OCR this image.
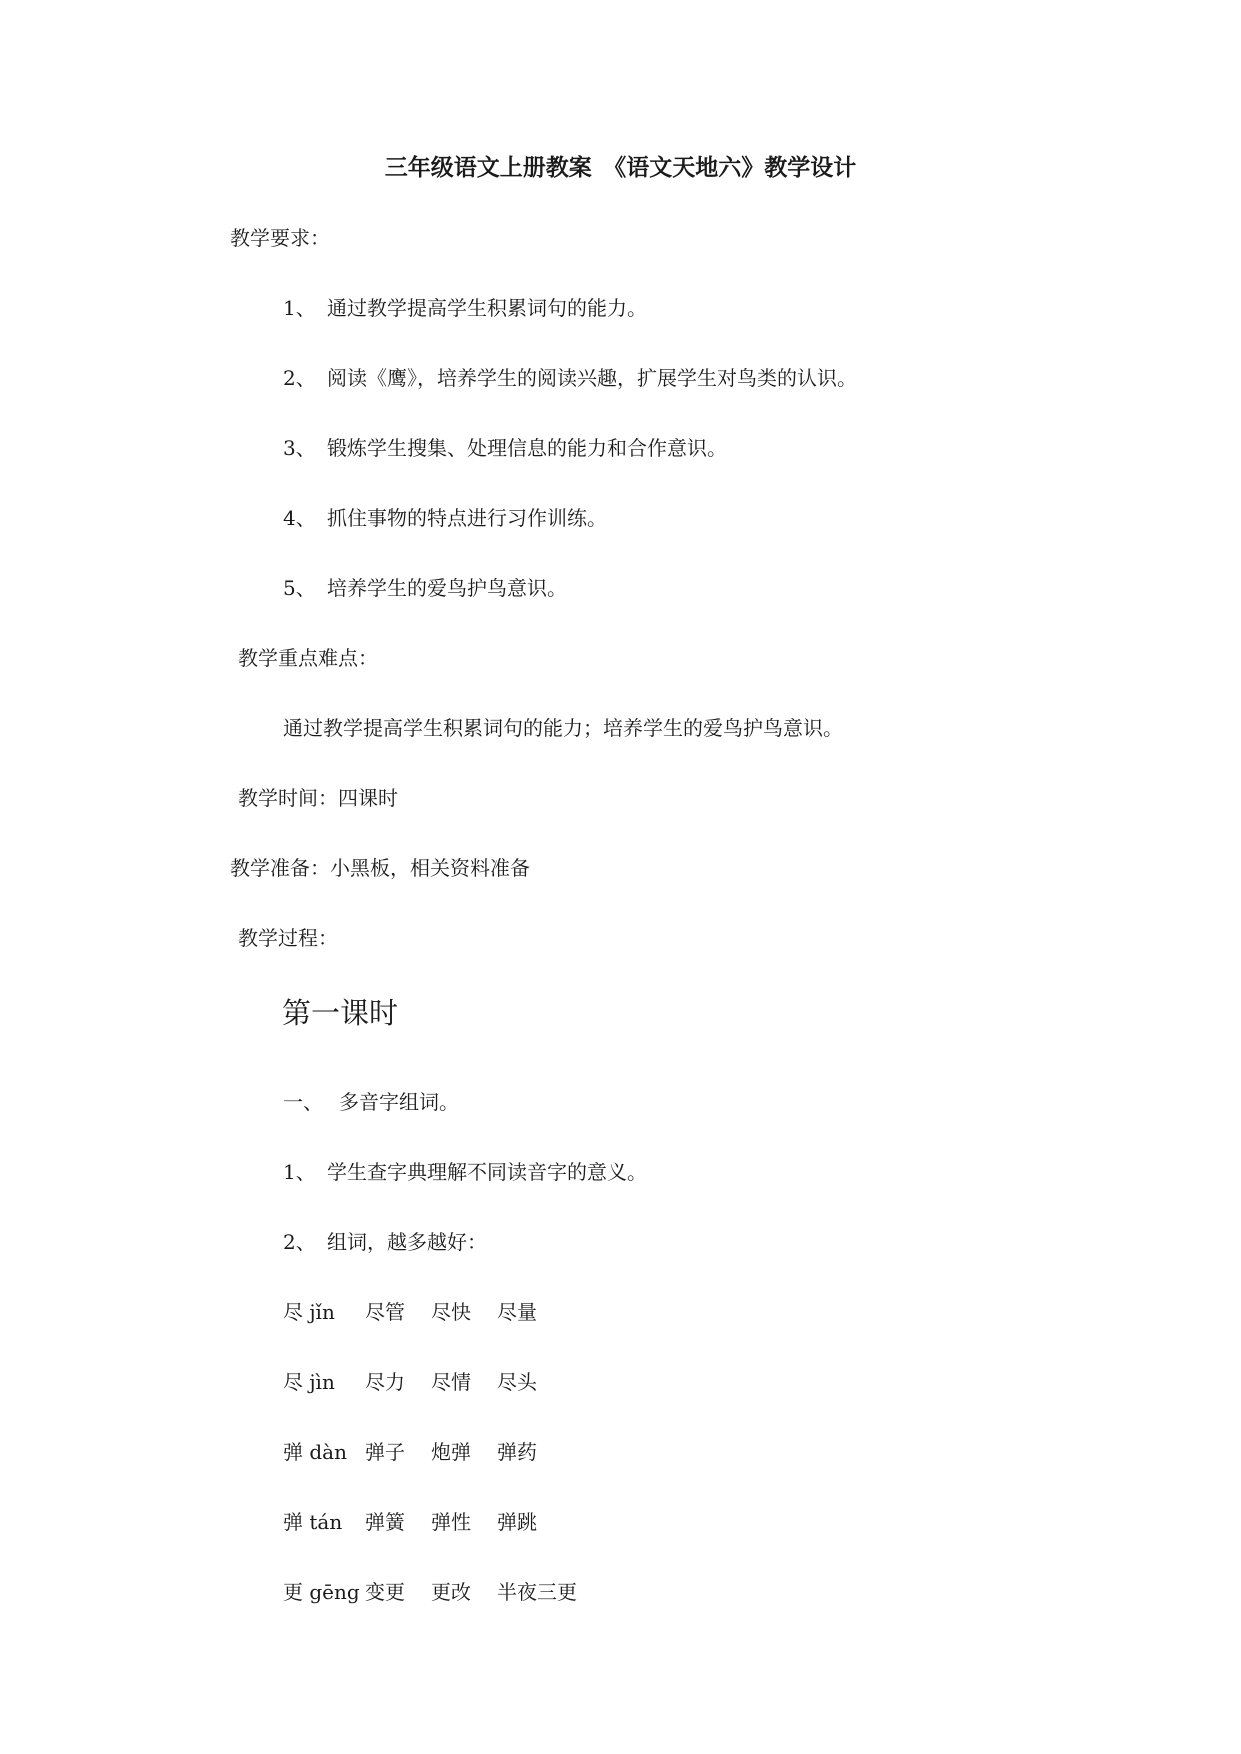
三年级语文上册教案　《语文天地六》教学设计
教学要求：
1、 通过教学提高学生积累词句的能力。
2、 阅读《鹰》，培养学生的阅读兴趣，扩展学生对鸟类的认识。
3、 锻炼学生搜集、处理信息的能力和合作意识。
4、 抓住事物的特点进行习作训练。
5、 培养学生的爱鸟护鸟意识。
教学重点难点：
通过教学提高学生积累词句的能力；培养学生的爱鸟护鸟意识。
教学时间：四课时
教学准备：小黑板，相关资料准备
教学过程：
第一课时
一、 多音字组词。
1、 学生查字典理解不同读音字的意义。
2、 组词，越多越好：
尽 jǐn 尽管 尽快 尽量
尽 jìn 尽力 尽情 尽头
弹 dàn 弹子 炮弹 弹药
弹 tán 弹簧 弹性 弹跳
更 gēng 变更 更改 半夜三更
